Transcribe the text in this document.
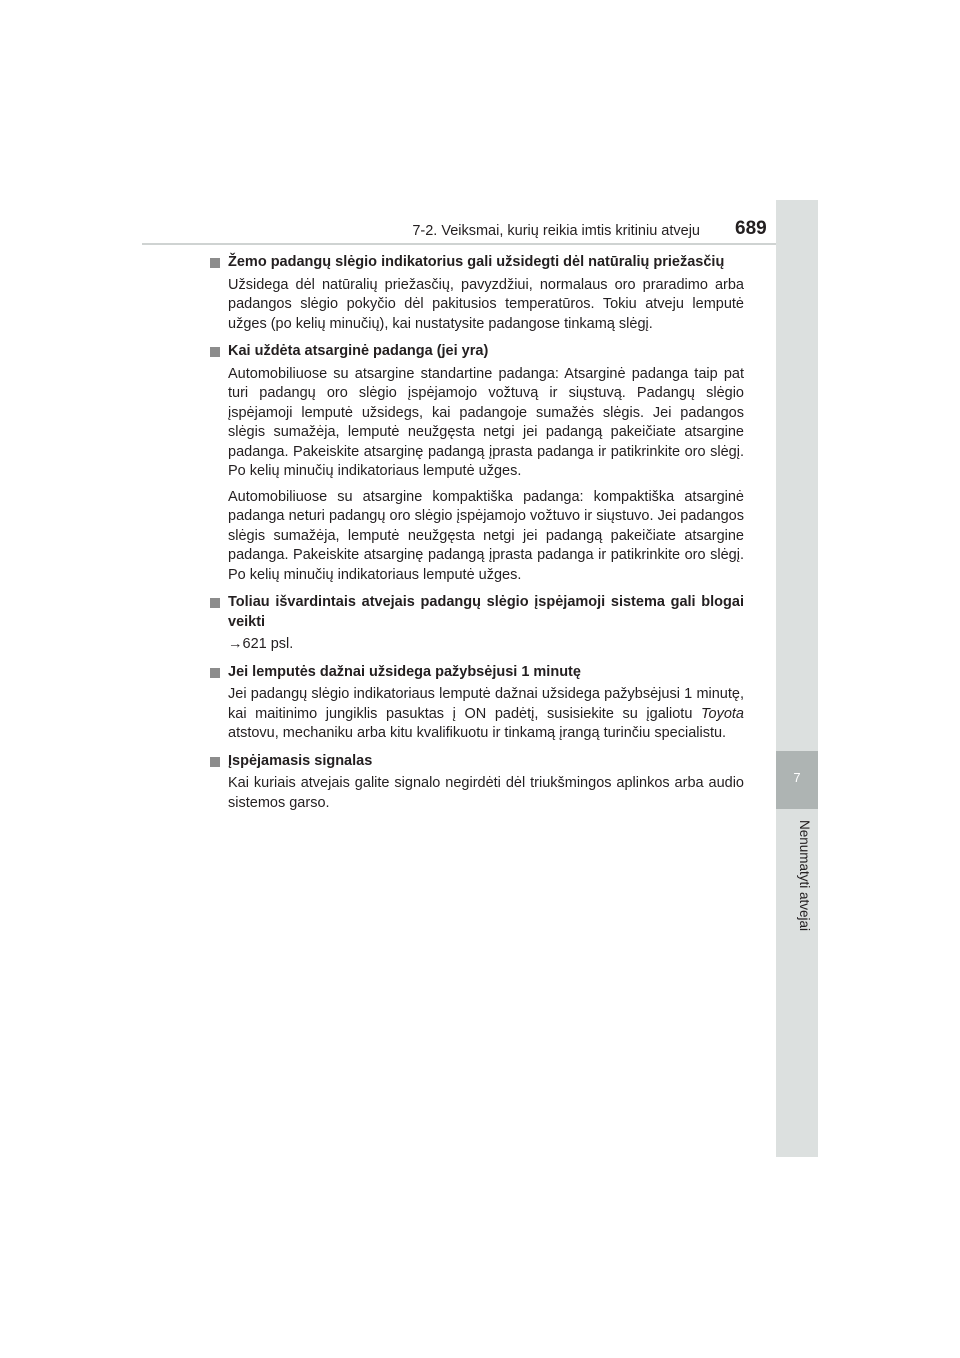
7-2. Veiksmai, kurių reikia imtis kritiniu atveju 689
7
Nenumatyti atvejai
Žemo padangų slėgio indikatorius gali užsidegti dėl natūralių priežasčių

Užsidega dėl natūralių priežasčių, pavyzdžiui, normalaus oro praradimo arba padangos slėgio pokyčio dėl pakitusios temperatūros. Tokiu atveju lemputė užges (po kelių minučių), kai nustatysite padangose tinkamą slėgį.

Kai uždėta atsarginė padanga (jei yra)

Automobiliuose su atsargine standartine padanga: Atsarginė padanga taip pat turi padangų oro slėgio įspėjamojo vožtuvą ir siųstuvą. Padangų slėgio įspėjamoji lemputė užsidegs, kai padangoje sumažės slėgis. Jei padangos slėgis sumažėja, lemputė neužgęsta netgi jei padangą pakeičiate atsargine padanga. Pakeiskite atsarginę padangą įprasta padanga ir patikrinkite oro slėgį. Po kelių minučių indikatoriaus lemputė užges.

Automobiliuose su atsargine kompaktiška padanga: kompaktiška atsarginė padanga neturi padangų oro slėgio įspėjamojo vožtuvo ir siųstuvo. Jei padangos slėgis sumažėja, lemputė neužgęsta netgi jei padangą pakeičiate atsargine padanga. Pakeiskite atsarginę padangą įprasta padanga ir patikrinkite oro slėgį. Po kelių minučių indikatoriaus lemputė užges.

Toliau išvardintais atvejais padangų slėgio įspėjamoji sistema gali blogai veikti
→621 psl.
Jei lemputės dažnai užsidega pažybsėjusi 1 minutę

Jei padangų slėgio indikatoriaus lemputė dažnai užsidega pažybsėjusi 1 minutę, kai maitinimo jungiklis pasuktas į ON padėtį, susisiekite su įgaliotu Toyota atstovu, mechaniku arba kitu kvalifikuotu ir tinkamą įrangą turinčiu specialistu.

Įspėjamasis signalas

Kai kuriais atvejais galite signalo negirdėti dėl triukšmingos aplinkos arba audio sistemos garso.
